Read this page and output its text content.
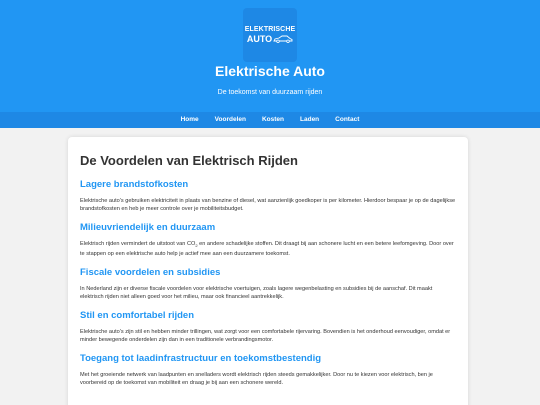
ELEKTRISCHE
AUTO
Elektrische Auto
De toekomst van duurzaam rijden
Home	Voordelen	Kosten	Laden	Contact
De Voordelen van Elektrisch Rijden
Lagere brandstofkosten

Elektrische auto's gebruiken elektriciteit in plaats van benzine of diesel, wat aanzienlijk goedkoper is per kilometer. Hierdoor bespaar je op de dagelijkse brandstofkosten en heb je meer controle over je mobiliteitsbudget.

Milieuvriendelijk en duurzaam

Elektrisch rijden vermindert de uitstoot van $CO_2$ en andere schadelijke stoffen. Dit draagt bij aan schonere lucht en een betere leefomgeving. Door over te stappen op een elektrische auto help je actief mee aan een duurzamere toekomst.

Fiscale voordelen en subsidies

In Nederland zijn er diverse fiscale voordelen voor elektrische voertuigen, zoals lagere wegenbelasting en subsidies bij de aanschaf. Dit maakt elektrisch rijden niet alleen goed voor het milieu, maar ook financieel aantrekkelijk.

Stil en comfortabel rijden

Elektrische auto's zijn stil en hebben minder trillingen, wat zorgt voor een comfortabele rijervaring. Bovendien is het onderhoud eenvoudiger, omdat er minder bewegende onderdelen zijn dan in een traditionele verbrandingsmotor.

Toegang tot laadinfrastructuur en toekomstbestendig

Met het groeiende netwerk van laadpunten en snelladers wordt elektrisch rijden steeds gemakkelijker. Door nu te kiezen voor elektrisch, ben je voorbereid op de toekomst van mobiliteit en draag je bij aan een schonere wereld.
